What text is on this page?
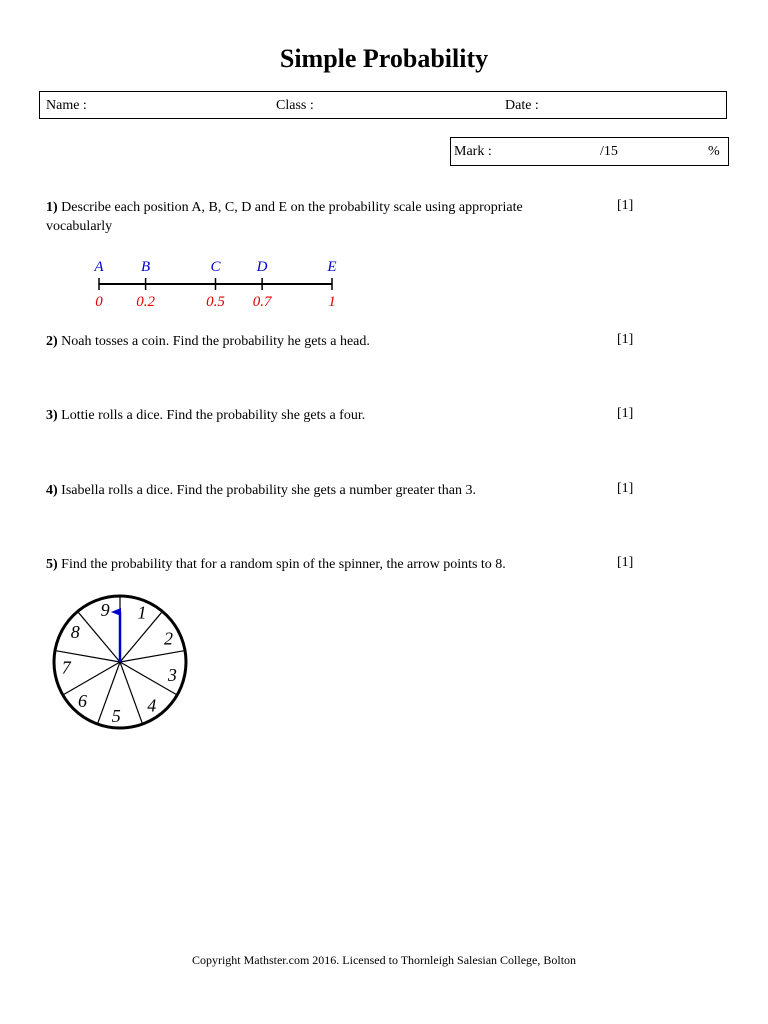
Simple Probability
Name :	Class :	Date :
Mark :	/15	%
1) Describe each position A, B, C, D and E on the probability scale using appropriate vocabularly
[1]
A
0
B
0.2
C
0.5
D
0.7
E
1
2) Noah tosses a coin. Find the probability he gets a head.	[1]
3) Lottie rolls a dice. Find the probability she gets a four.	[1]
4) Isabella rolls a dice. Find the probability she gets a number greater than 3.	[1]
5) Find the probability that for a random spin of the spinner, the arrow points to 8.	[1]
1
2
3
4
5
6
7
8
9
Copyright Mathster.com 2016. Licensed to Thornleigh Salesian College, Bolton
